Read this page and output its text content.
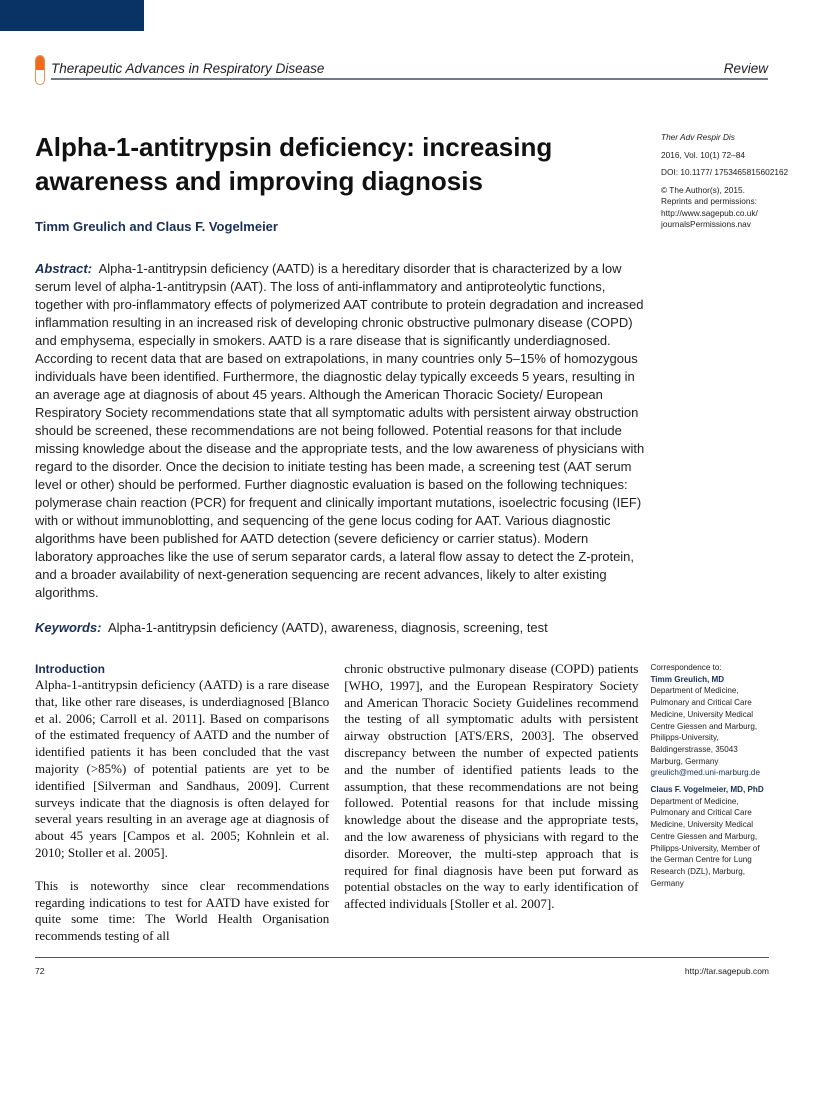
Therapeutic Advances in Respiratory Disease	Review
Alpha-1-antitrypsin deficiency: increasing awareness and improving diagnosis
Timm Greulich and Claus F. Vogelmeier

Ther Adv Respir Dis

2016, Vol. 10(1) 72–84

DOI: 10.1177/ 1753465815602162

© The Author(s), 2015.

Reprints and permissions: http://www.sagepub.co.uk/ journalsPermissions.nav

Abstract: Alpha-1-antitrypsin deficiency (AATD) is a hereditary disorder that is characterized by a low serum level of alpha-1-antitrypsin (AAT). The loss of anti-inflammatory and antiproteolytic functions, together with pro-inflammatory effects of polymerized AAT contribute to protein degradation and increased inflammation resulting in an increased risk of developing chronic obstructive pulmonary disease (COPD) and emphysema, especially in smokers. AATD is a rare disease that is significantly underdiagnosed. According to recent data that are based on extrapolations, in many countries only 5–15% of homozygous individuals have been identified. Furthermore, the diagnostic delay typically exceeds 5 years, resulting in an average age at diagnosis of about 45 years. Although the American Thoracic Society/ European Respiratory Society recommendations state that all symptomatic adults with persistent airway obstruction should be screened, these recommendations are not being followed. Potential reasons for that include missing knowledge about the disease and the appropriate tests, and the low awareness of physicians with regard to the disorder. Once the decision to initiate testing has been made, a screening test (AAT serum level or other) should be performed. Further diagnostic evaluation is based on the following techniques: polymerase chain reaction (PCR) for frequent and clinically important mutations, isoelectric focusing (IEF) with or without immunoblotting, and sequencing of the gene locus coding for AAT. Various diagnostic algorithms have been published for AATD detection (severe deficiency or carrier status). Modern laboratory approaches like the use of serum separator cards, a lateral flow assay to detect the Z-protein, and a broader availability of next-generation sequencing are recent advances, likely to alter existing algorithms.
Keywords: Alpha-1-antitrypsin deficiency (AATD), awareness, diagnosis, screening, test
Introduction

Alpha-1-antitrypsin deficiency (AATD) is a rare disease that, like other rare diseases, is underdiagnosed [Blanco et al. 2006; Carroll et al. 2011]. Based on comparisons of the estimated frequency of AATD and the number of identified patients it has been concluded that the vast majority (>85%) of potential patients are yet to be identified [Silverman and Sandhaus, 2009]. Current surveys indicate that the diagnosis is often delayed for several years resulting in an average age at diagnosis of about 45 years [Campos et al. 2005; Kohnlein et al. 2010; Stoller et al. 2005].

This is noteworthy since clear recommendations regarding indications to test for AATD have existed for quite some time: The World Health Organisation recommends testing of all

chronic obstructive pulmonary disease (COPD) patients [WHO, 1997], and the European Respiratory Society and American Thoracic Society Guidelines recommend the testing of all symptomatic adults with persistent airway obstruction [ATS/ERS, 2003]. The observed discrepancy between the number of expected patients and the number of identified patients leads to the assumption, that these recommendations are not being followed. Potential reasons for that include missing knowledge about the disease and the appropriate tests, and the low awareness of physicians with regard to the disorder. Moreover, the multi-step approach that is required for final diagnosis have been put forward as potential obstacles on the way to early identification of affected individuals [Stoller et al. 2007].

Correspondence to:
Timm Greulich, MD
Department of Medicine, Pulmonary and Critical Care Medicine, University Medical Centre Giessen and Marburg, Philipps-University, Baldingerstrasse, 35043 Marburg, Germany

greulich@med.uni-marburg.de

Claus F. Vogelmeier, MD, PhD
Department of Medicine, Pulmonary and Critical Care Medicine, University Medical Centre Giessen and Marburg, Philipps-University, Member of the German Centre for Lung Research (DZL), Marburg, Germany
72	http://tar.sagepub.com
